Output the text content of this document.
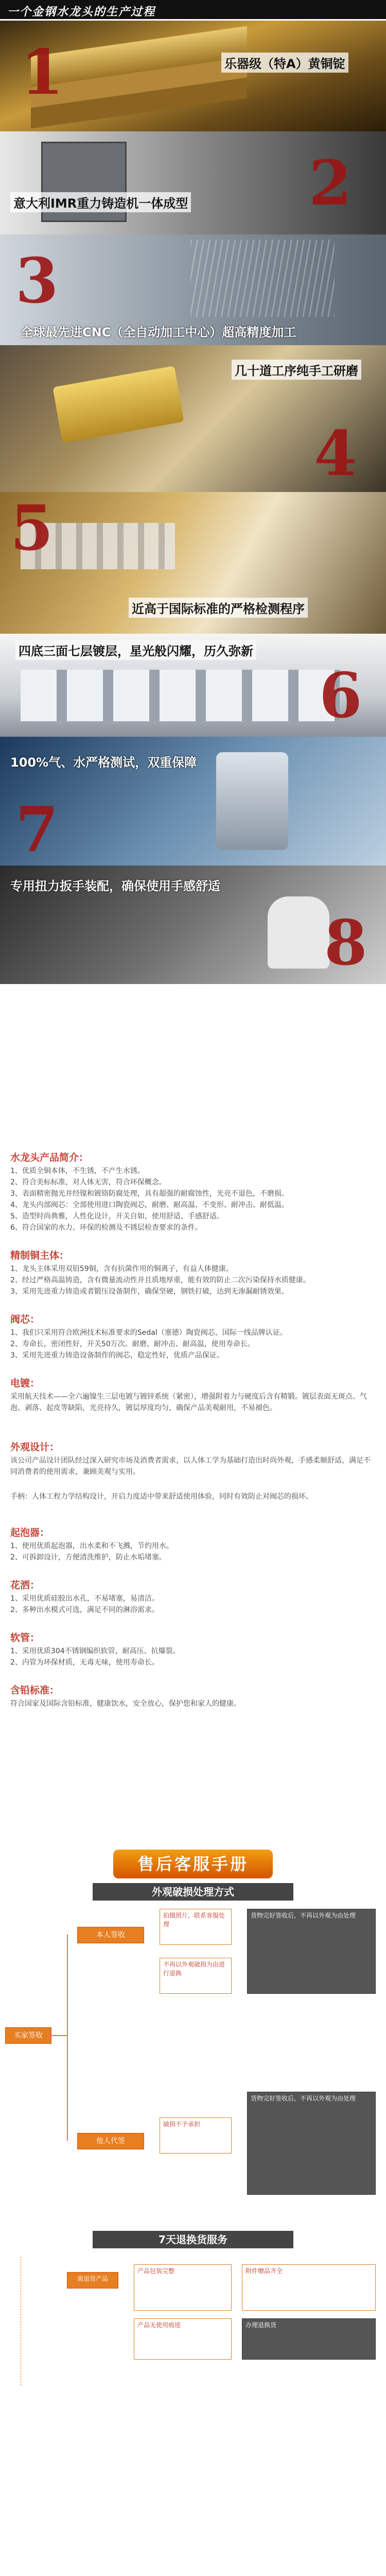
一个金钢水龙头的生产过程
1	乐器级（特A）黄铜锭
2
意大利IMR重力铸造机一体成型
3
全球最先进CNC（全自动加工中心）超高精度加工
4
几十道工序纯手工研磨
5
近高于国际标准的严格检测程序
6
四底三面七层镀层，星光般闪耀，历久弥新
7
100%气、水严格测试，双重保障
8
专用扭力扳手装配，确保使用手感舒适
水龙头产品简介：
1、优质全铜本体，不生锈，不产生水锈。
2、符合美标标准，对人体无害，符合环保概念。
3、表面精密抛光并经镍和镀铬防腐处理，具有超强的耐腐蚀性，光亮不退色，不磨损。
4、龙头内部阀芯：全部使用进口陶瓷阀芯，耐磨、耐高温、不变形、耐冲击、耐低温。
5、造型时尚典雅，人性化设计，开关自如，使用舒适、手感舒适。
6、符合国家的水力、环保的检测及不锈层检查要求的条件。
精制铜主体：
1、龙头主体采用双铅59铜，含有抗菌作用的铜离子，有益人体健康。
2、经过严格高温铸造，含有微量流动性并且质地厚重，能有效的防止二次污染保持水质健康。
3、采用先进重力铸造或者锻压设备制作，确保坚硬，钢铁打破，达到无渗漏耐锈效果。
阀芯：
1、我们只采用符合欧洲技术标准要求的Sedal（塞德）陶瓷阀芯，国际一线品牌认证。
2、寿命长，密闭性好，开关50万次。耐磨、耐冲击、耐高温，使用寿命长。
3、采用先进重力铸造设备制作的阀芯，稳定性好，优质产品保证。
电镀：
采用航天技术——全六遍镍生三层电镀与镀锌系统（紧密），增强附着力与硬度后含有精锻。镀层表面无斑点、气泡、剥落、起皮等缺陷，光亮持久，镀层厚度均匀，确保产品美观耐用，不易褪色。
外观设计：
该公司产品设计团队经过深入研究市场及消费者需求，以人体工学为基础打造出时尚外观，手感柔顺舒适，满足不同消费者的使用需求，兼顾美观与实用。
手柄：人体工程力学结构设计，开启力度适中带来舒适使用体验，同时有效防止对阀芯的损坏。
起泡器：
1、使用优质起泡器，出水柔和不飞溅，节约用水。
2、可拆卸设计，方便清洗维护，防止水垢堵塞。
花洒：
1、采用优质硅胶出水孔，不易堵塞，易清洁。
2、多种出水模式可选，满足不同的淋浴需求。
软管：
1、采用优质304不锈钢编织软管，耐高压、抗爆裂。
2、内管为环保材质，无毒无味，使用寿命长。
含铅标准：
符合国家及国际含铅标准，健康饮水，安全放心，保护您和家人的健康。
售后客服手册
外观破损处理方式
买家签收
本人签收
他人代签
拍摄照片，联系客服处理
不再以外观破损为由进行退换
货物完好签收后，不再以外观为由处理
破损不予承担
货物完好签收后，不再以外观为由处理
7天退换货服务
需退货产品
产品包装完整
产品无使用痕迹
附件赠品齐全
办理退换货
